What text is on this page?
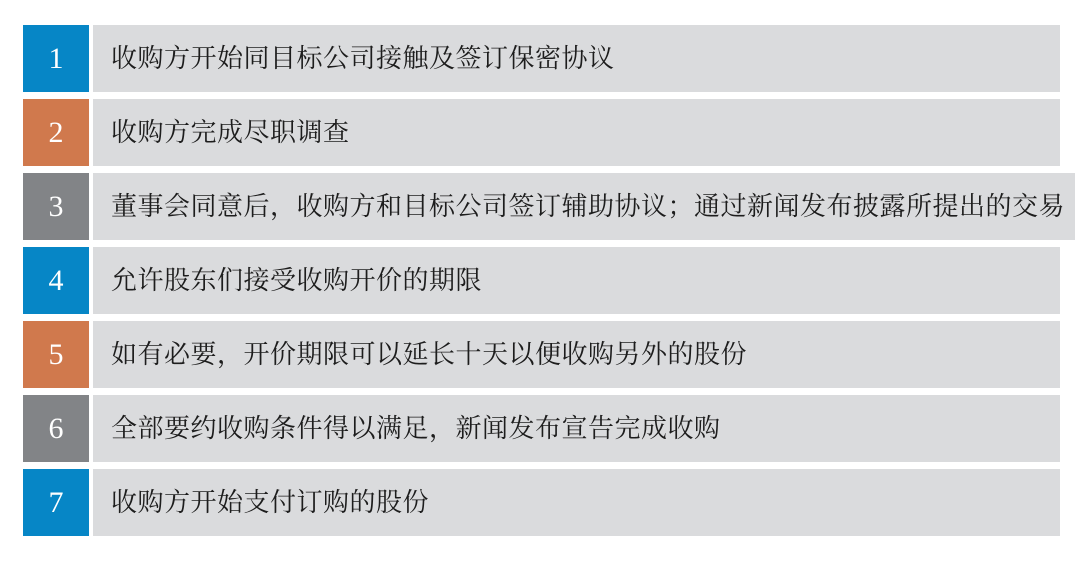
1 收购方开始同目标公司接触及签订保密协议
2 收购方完成尽职调查
3 董事会同意后，收购方和目标公司签订辅助协议；通过新闻发布披露所提出的交易
4 允许股东们接受收购开价的期限
5 如有必要，开价期限可以延长十天以便收购另外的股份
6 全部要约收购条件得以满足，新闻发布宣告完成收购
7 收购方开始支付订购的股份
